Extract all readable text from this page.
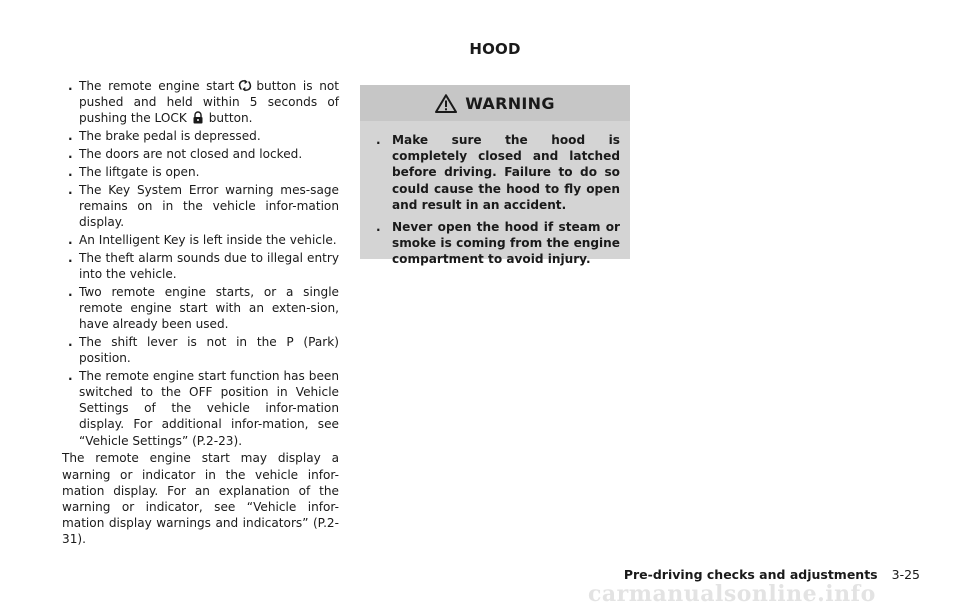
HOOD
. The remote engine start button is not pushed and held within 5 seconds of pushing the LOCK button.
. The brake pedal is depressed.
. The doors are not closed and locked.
. The liftgate is open.
. The Key System Error warning mes-sage remains on in the vehicle infor-mation display.
. An Intelligent Key is left inside the vehicle.
. The theft alarm sounds due to illegal entry into the vehicle.
. Two remote engine starts, or a single remote engine start with an exten-sion, have already been used.
. The shift lever is not in the P (Park) position.
. The remote engine start function has been switched to the OFF position in Vehicle Settings of the vehicle infor-mation display. For additional infor-mation, see “Vehicle Settings” (P.2-23).

The remote engine start may display a warning or indicator in the vehicle infor-mation display. For an explanation of the warning or indicator, see “Vehicle infor-mation display warnings and indicators” (P.2-31).

WARNING
. Make sure the hood is completely closed and latched before driving. Failure to do so could cause the hood to fly open and result in an accident.
. Never open the hood if steam or smoke is coming from the engine compartment to avoid injury.
Pre-driving checks and adjustments 3-25
carmanualsonline.info
